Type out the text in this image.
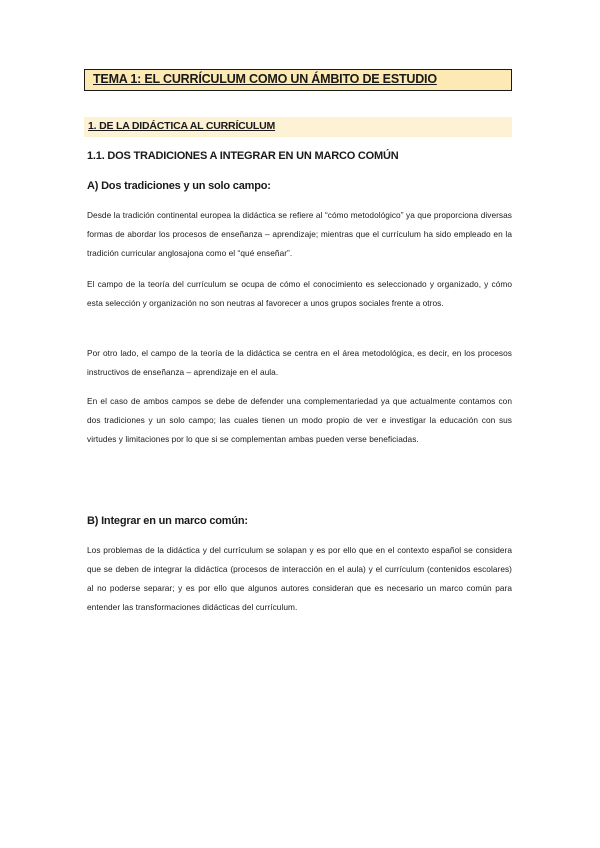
TEMA 1: EL CURRÍCULUM COMO UN ÁMBITO DE ESTUDIO
1. DE LA DIDÁCTICA AL CURRÍCULUM
1.1. DOS TRADICIONES A INTEGRAR EN UN MARCO COMÚN
A) Dos tradiciones y un solo campo:
Desde la tradición continental europea la didáctica se refiere al “cómo metodológico” ya que proporciona diversas formas de abordar los procesos de enseñanza – aprendizaje; mientras que el currículum ha sido empleado en la tradición curricular anglosajona como el “qué enseñar”.
El campo de la teoría del currículum se ocupa de cómo el conocimiento es seleccionado y organizado, y cómo esta selección y organización no son neutras al favorecer a unos grupos sociales frente a otros.
Por otro lado, el campo de la teoría de la didáctica se centra en el área metodológica, es decir, en los procesos instructivos de enseñanza – aprendizaje en el aula.
En el caso de ambos campos se debe de defender una complementariedad ya que actualmente contamos con dos tradiciones y un solo campo; las cuales tienen un modo propio de ver e investigar la educación con sus virtudes y limitaciones por lo que si se complementan ambas pueden verse beneficiadas.
B) Integrar en un marco común:
Los problemas de la didáctica y del currículum se solapan y es por ello que en el contexto español se considera que se deben de integrar la didáctica (procesos de interacción en el aula) y el currículum (contenidos escolares) al no poderse separar; y es por ello que algunos autores consideran que es necesario un marco común para entender las transformaciones didácticas del currículum.
